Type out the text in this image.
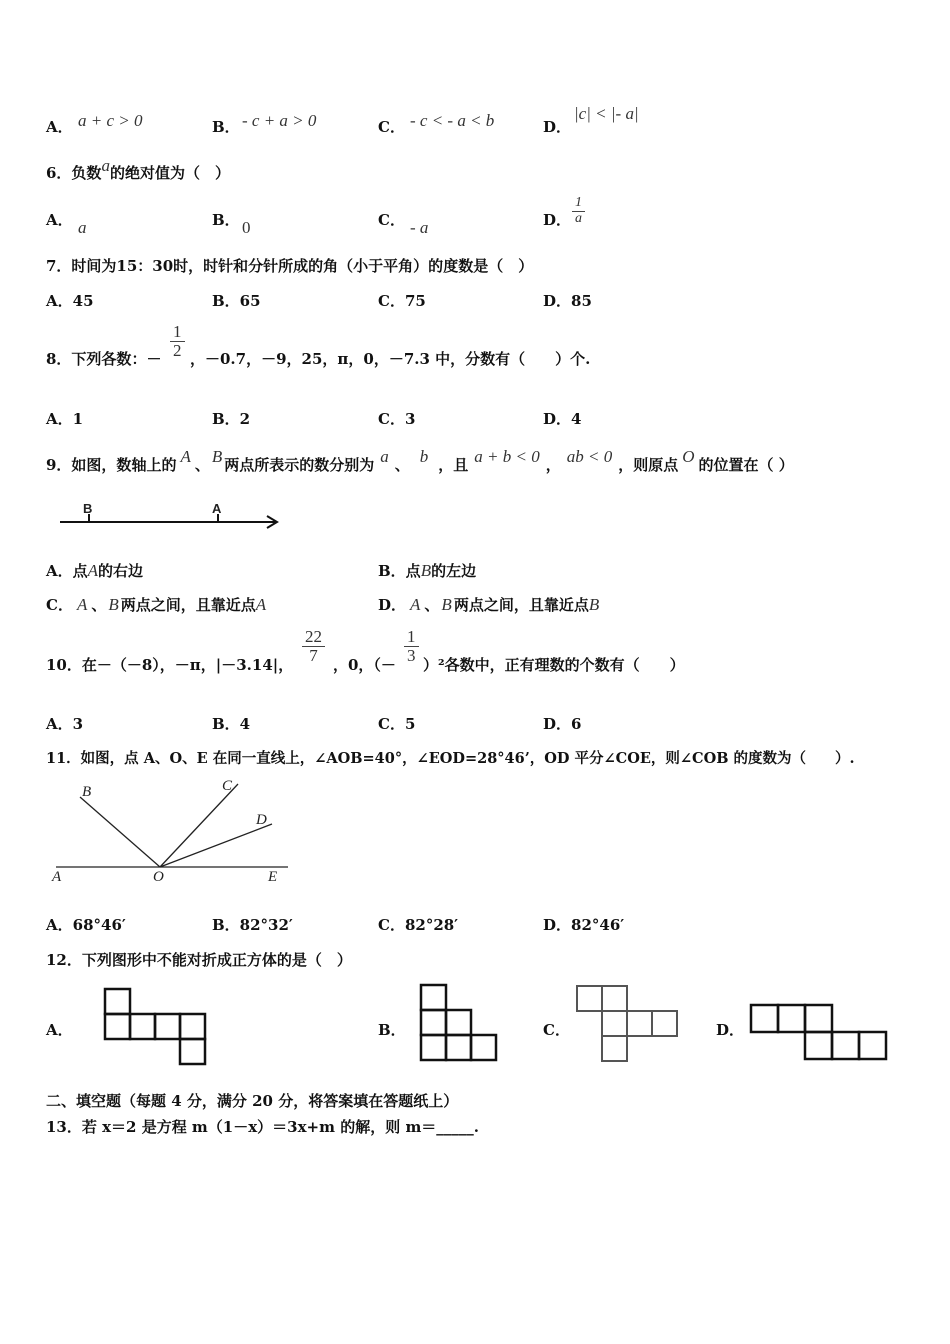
A． a + c > 0	B． - c + a > 0	C． - c < - a < b	D．
|c| < |- a|
6．负数a的绝对值为（　）
A． a	B． 0	C． - a	D． $\frac{1}{a}$
7．时间为15：30时，时针和分针所成的角（小于平角）的度数是（　）
A．45	B．65	C．75	D．85
8．下列各数：－ $\frac{1}{2}$ ，－0.7，－9，25，π，0，－7.3 中，分数有（　　）个.
A．1	B．2	C．3	D．4
9．如图，数轴上的 A 、 B 两点所表示的数分别为 a 、 b ，且 a + b < 0 ， ab < 0 ，则原点 O 的位置在（ ）
B	A
A．点A的右边	B．点B的左边
C． A 、 B 两点之间，且靠近点A	D． A 、 B 两点之间，且靠近点B
10．在－（－8），－π，|－3.14|，
$\frac{22}{7}$
，0，（－
$\frac{1}{3}$
）²各数中，正有理数的个数有（　　）
A．3	B．4	C．5	D．6
11．如图，点 A、O、E 在同一直线上，∠AOB=40°，∠EOD=28°46’，OD 平分∠COE，则∠COB 的度数为（　　）.
B	C
D
A	O	E
A．68°46′	B．82°32′	C．82°28′	D．82°46′
12．下列图形中不能对折成正方体的是（　）
A．	B．	C．	D．
二、填空题（每题 4 分，满分 20 分，将答案填在答题纸上）
13．若 x＝2 是方程 m（1－x）＝3x+m 的解，则 m＝_____.
